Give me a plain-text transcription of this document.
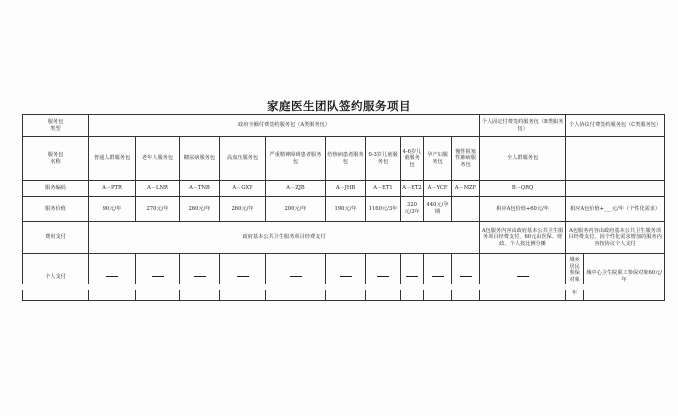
家庭医生团队签约服务项目
服务包
类型	政府全额付费签约服务包（A类服务包）										个人固定付费签约服务包（B类服务包）	个人协议付费签约服务包（C类服务包）		
服务包
名称	普通人群服务包	老年人服务包	糖尿病服务包	高血压服务包	严重精神障碍患者服务包	结核病患者服务包	0-3岁儿童服务包	4-6岁儿童服务包	孕产妇服务包	慢性阻塞性肺病服务包	全人群服务包			
服务编码	A－PTR	A－LNR	A－TNB	A－GXY	A－ZJB	A－JHB	A－ET1	A－ET2	A－YCF	A－MZF	B－QRQ			
服务价值	90元/年	270元/年	260元/年	260元/年	200元/年	190元/年	1160元/3年	320元/3年	440元/孕期		相应A包价值+60元/年	相应A包价值+___元/年（个性化需求）		
费用支付	政府基本公共卫生服务项目经费支付										A包服务内容由政府基本公共卫生服务项目经费支付，60元由医保、财政、个人按比例分摊	A包服务内容由政府基本公共卫生服务项目经费支付，因个性化需求增加的服务内容按协议个人支付		
个人支付												城乡居民参保对象 年	城中心卫生院职工参保对象60元/年	
